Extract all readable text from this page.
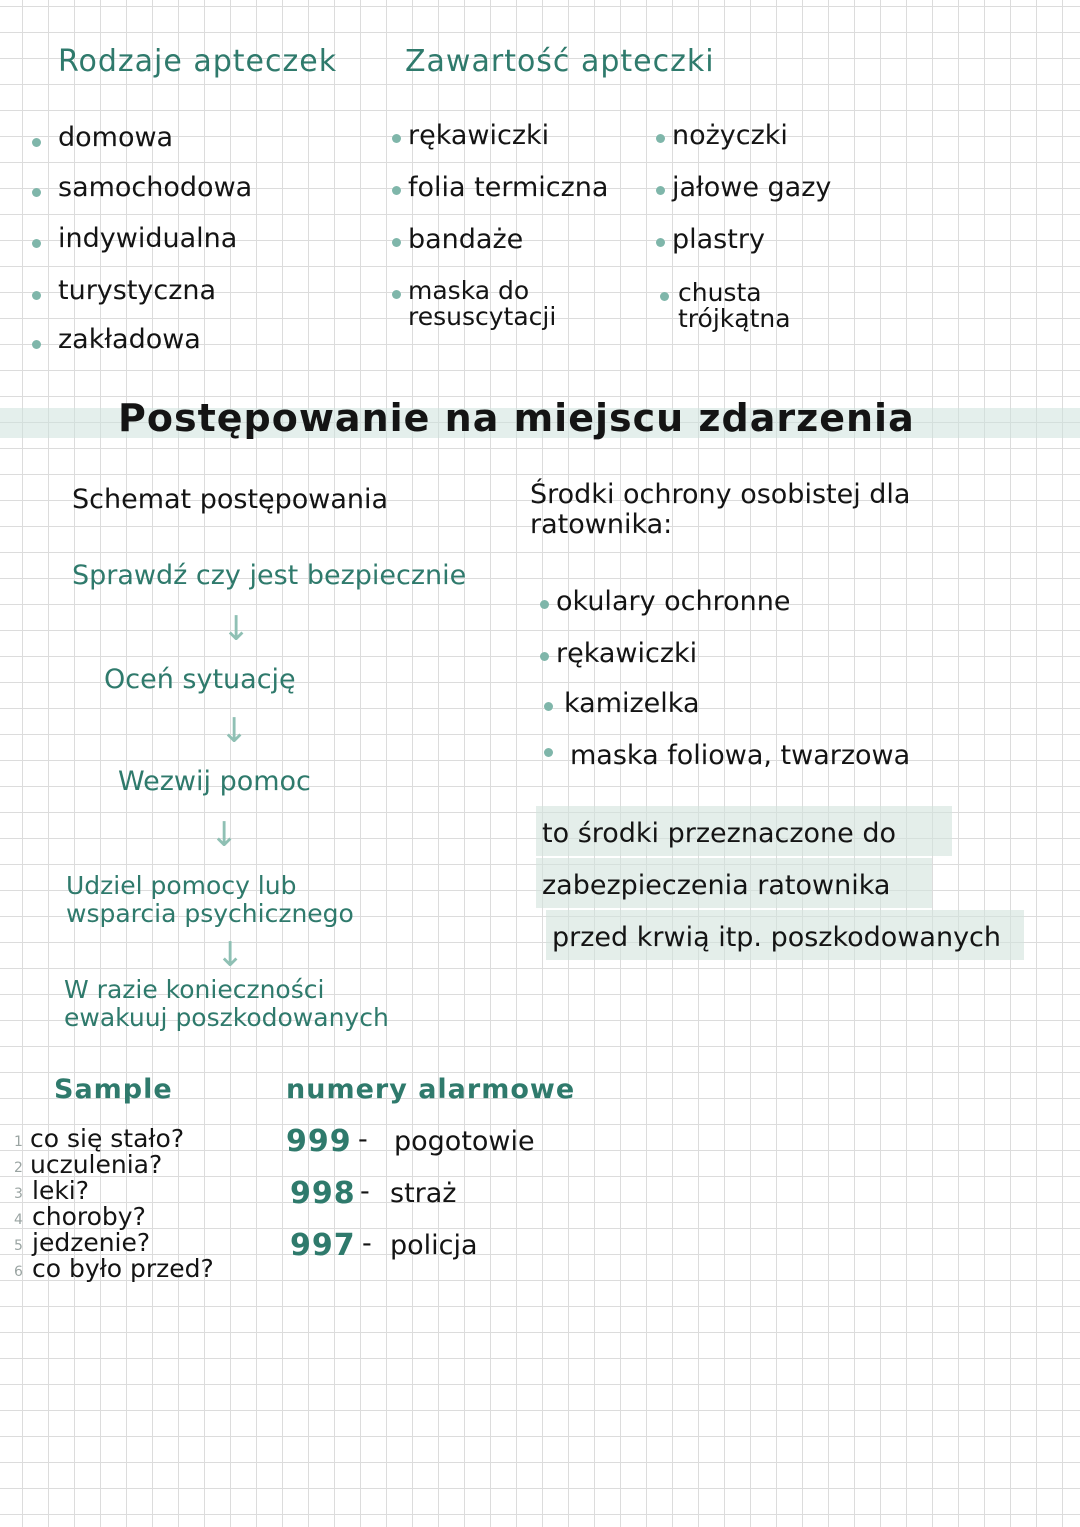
Rodzaje apteczek
domowa
samochodowa
indywidualna
turystyczna
zakładowa
Zawartość apteczki
rękawiczki
folia termiczna
bandaże
maska do resuscytacji
nożyczki
jałowe gazy
plastry
chusta trójkątna
Postępowanie na miejscu zdarzenia
Schemat postępowania
Sprawdź czy jest bezpiecznie
↓
Oceń sytuację
↓
Wezwij pomoc
↓
Udziel pomocy lub wsparcia psychicznego
↓
W razie konieczności ewakuuj poszkodowanych
Środki ochrony osobistej dla ratownika:
okulary ochronne
rękawiczki
kamizelka
maska foliowa, twarzowa
to środki przeznaczone do
zabezpieczenia ratownika
przed krwią itp. poszkodowanych
Sample
1 co się stało?
2 uczulenia?
3 leki?
4 choroby?
5 jedzenie?
6 co było przed?
numery alarmowe
999 - pogotowie
998 - straż
997 - policja
